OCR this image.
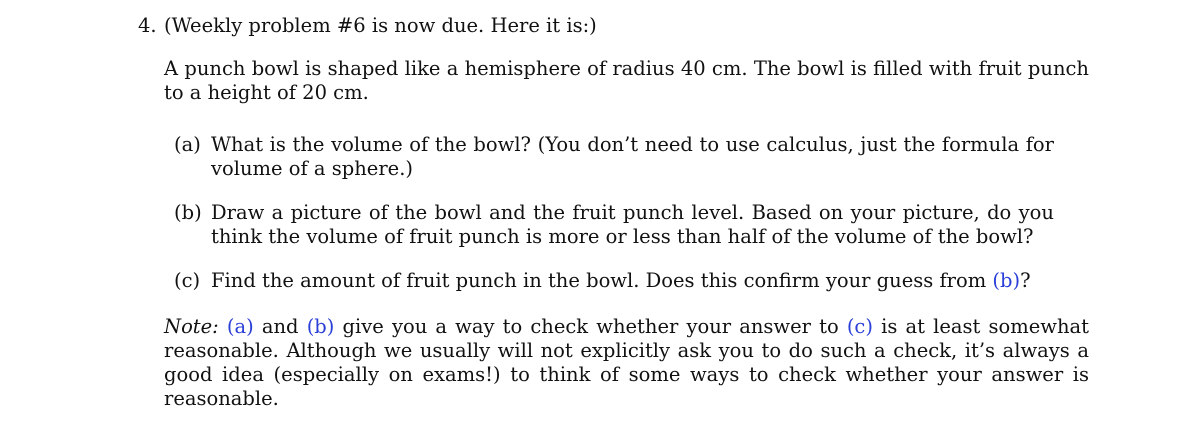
4. (Weekly problem #6 is now due. Here it is:)
A punch bowl is shaped like a hemisphere of radius 40 cm. The bowl is filled with fruit punch to a height of 20 cm.
(a) What is the volume of the bowl? (You don’t need to use calculus, just the formula for volume of a sphere.)
(b) Draw a picture of the bowl and the fruit punch level. Based on your picture, do you think the volume of fruit punch is more or less than half of the volume of the bowl?
(c) Find the amount of fruit punch in the bowl. Does this confirm your guess from (b)?
Note: (a) and (b) give you a way to check whether your answer to (c) is at least somewhat reasonable. Although we usually will not explicitly ask you to do such a check, it’s always a good idea (especially on exams!) to think of some ways to check whether your answer is reasonable.
